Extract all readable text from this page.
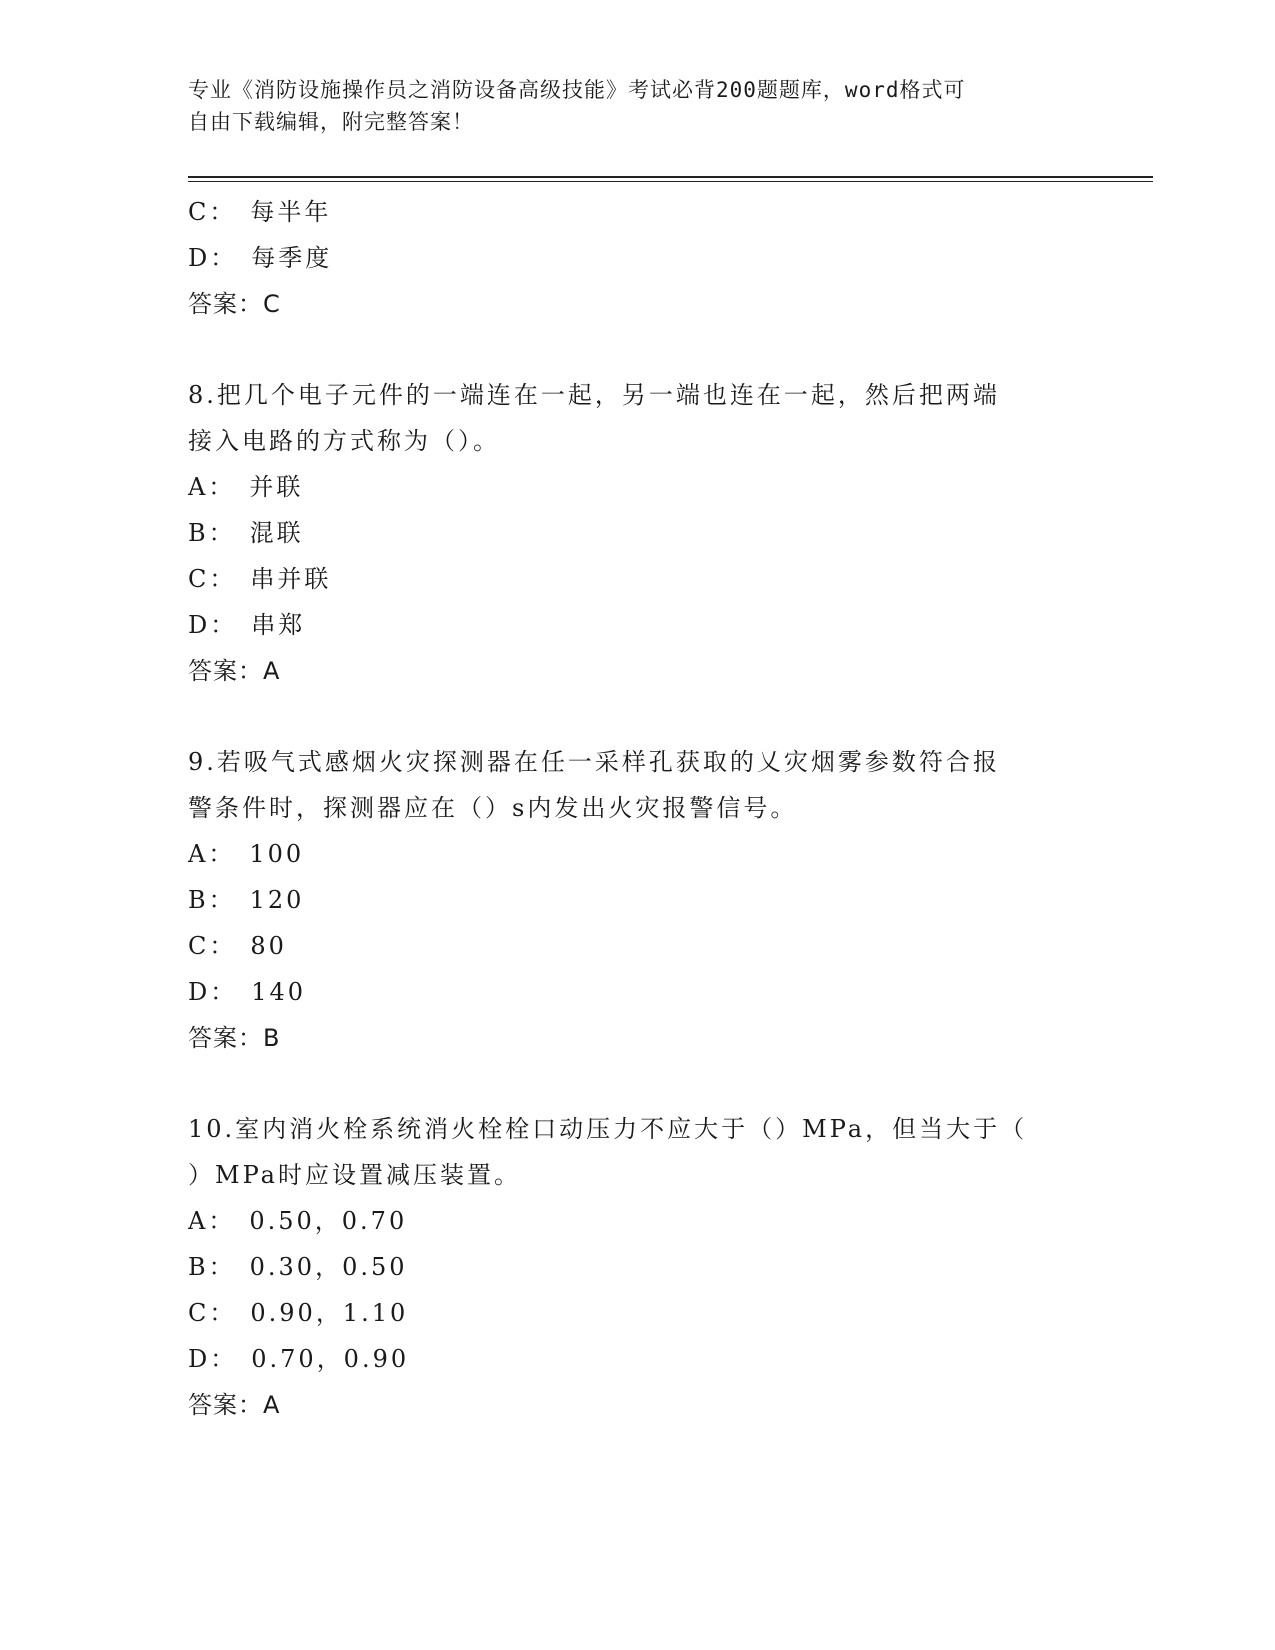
专业《消防设施操作员之消防设备高级技能》考试必背200题题库，word格式可
自由下载编辑，附完整答案！
C： 每半年
D： 每季度
答案：C
8.把几个电子元件的一端连在一起，另一端也连在一起，然后把两端
接入电路的方式称为（）。
A： 并联
B： 混联
C： 串并联
D： 串郑
答案：A
9.若吸气式感烟火灾探测器在任一采样孔获取的乂灾烟雾参数符合报
警条件时，探测器应在（）s内发出火灾报警信号。
A： 100
B： 120
C： 80
D： 140
答案：B
10.室内消火栓系统消火栓栓口动压力不应大于（）MPa，但当大于（
）MPa时应设置减压装置。
A： 0.50，0.70
B： 0.30，0.50
C： 0.90，1.10
D： 0.70，0.90
答案：A
